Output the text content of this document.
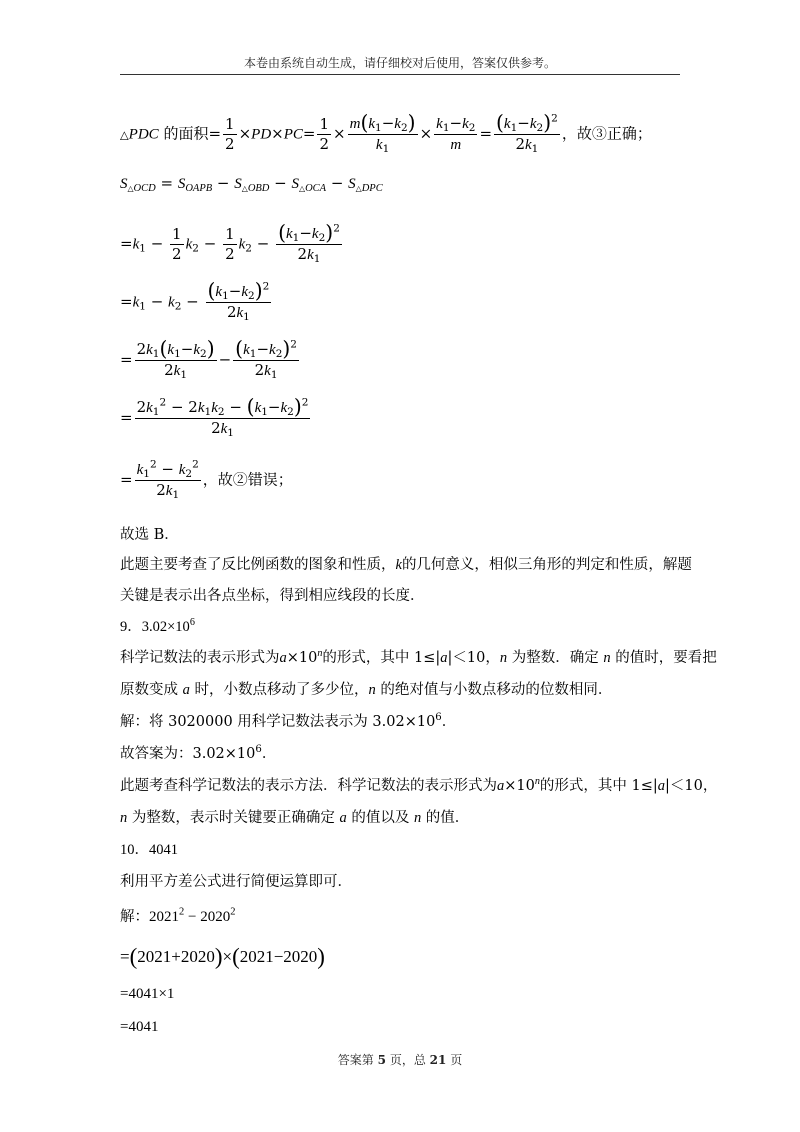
本卷由系统自动生成，请仔细校对后使用，答案仅供参考。
△PDC 的面积= $\frac{1}{2} \times PD\times PC= \frac{1}{2} \times \frac{m(k_1-k_2)}{k_1} \times \frac{k_1-k_2}{m} = \frac{(k_1-k_2)^2}{2k_1}$ ，故③正确；
$S_{\triangle OCD} = S_{OAPB} - S_{\triangle OBD} - S_{\triangle OCA} - S_{\triangle DPC}$
$=k_1 - \frac{1}{2} k_2 - \frac{1}{2} k_2 - \frac{(k_1-k_2)^2}{2k_1}$
$=k_1 - k_2 - \frac{(k_1-k_2)^2}{2k_1}$
= $\frac{2k_1(k_1-k_2)}{2k_1} - \frac{(k_1-k_2)^2}{2k_1}$
= $\frac{2k_1^2 - 2k_1k_2 - (k_1-k_2)^2}{2k_1}$
= $\frac{k_1^2 - k_2^2}{2k_1}$ ，故②错误；
故选 B．
此题主要考查了反比例函数的图象和性质，k的几何意义，相似三角形的判定和性质，解题
关键是表示出各点坐标，得到相应线段的长度．
9．$3.02\times 10^6$
科学记数法的表示形式为$a\times 10^n$的形式，其中 1≤|a|＜10，n 为整数．确定 n 的值时，要看把
原数变成 a 时，小数点移动了多少位，n 的绝对值与小数点移动的位数相同．
解：将 3020000 用科学记数法表示为 $3.02\times 10^6$．
故答案为：$3.02\times 10^6$．
此题考查科学记数法的表示方法．科学记数法的表示形式为$a\times 10^n$的形式，其中 1≤|a|＜10，
n 为整数，表示时关键要正确确定 a 的值以及 n 的值．
10．4041
利用平方差公式进行简便运算即可．
解：$2021^2 - 2020^2$
=(2021+2020)×(2021−2020)
=4041×1
=4041
答案第 5 页，总 21 页
